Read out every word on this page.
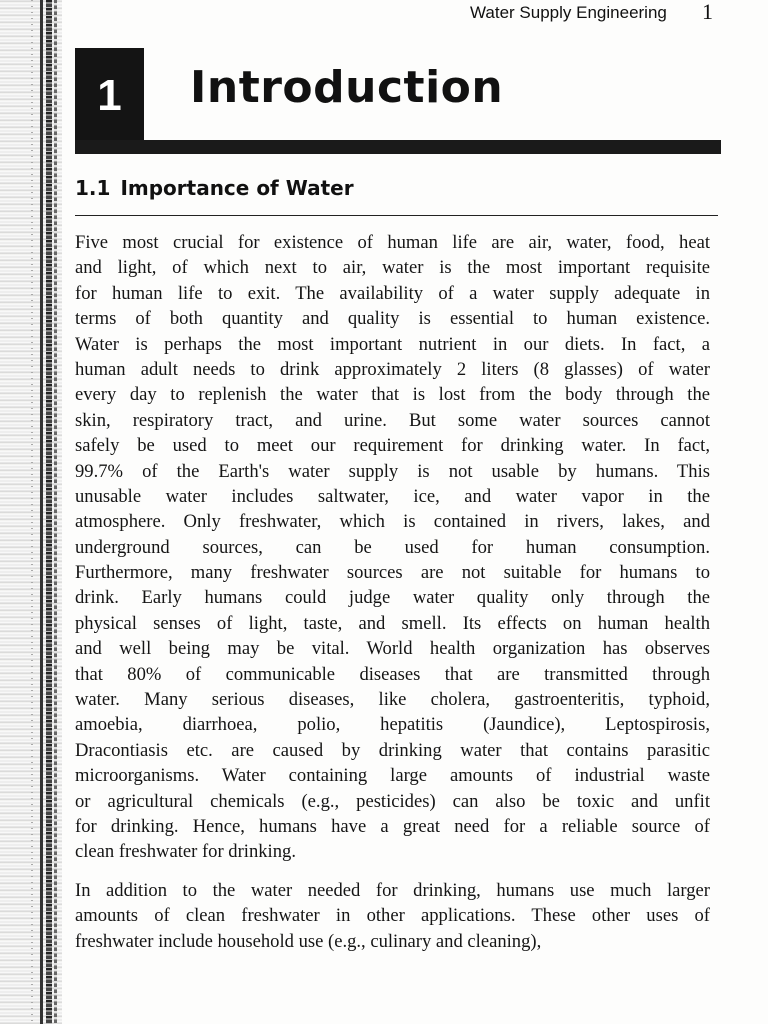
Water Supply Engineering 1
1	Introduction
1.1 Importance of Water
Five most crucial for existence of human life are air, water, food, heat
and light, of which next to air, water is the most important requisite
for human life to exit. The availability of a water supply adequate in
terms of both quantity and quality is essential to human existence.
Water is perhaps the most important nutrient in our diets. In fact, a
human adult needs to drink approximately 2 liters (8 glasses) of water
every day to replenish the water that is lost from the body through the
skin, respiratory tract, and urine. But some water sources cannot
safely be used to meet our requirement for drinking water. In fact,
99.7% of the Earth's water supply is not usable by humans. This
unusable water includes saltwater, ice, and water vapor in the
atmosphere. Only freshwater, which is contained in rivers, lakes, and
underground sources, can be used for human consumption.
Furthermore, many freshwater sources are not suitable for humans to
drink. Early humans could judge water quality only through the
physical senses of light, taste, and smell. Its effects on human health
and well being may be vital. World health organization has observes
that 80% of communicable diseases that are transmitted through
water. Many serious diseases, like cholera, gastroenteritis, typhoid,
amoebia, diarrhoea, polio, hepatitis (Jaundice), Leptospirosis,
Dracontiasis etc. are caused by drinking water that contains parasitic
microorganisms. Water containing large amounts of industrial waste
or agricultural chemicals (e.g., pesticides) can also be toxic and unfit
for drinking. Hence, humans have a great need for a reliable source of
clean freshwater for drinking.
In addition to the water needed for drinking, humans use much larger
amounts of clean freshwater in other applications. These other uses of
freshwater include household use (e.g., culinary and cleaning),
